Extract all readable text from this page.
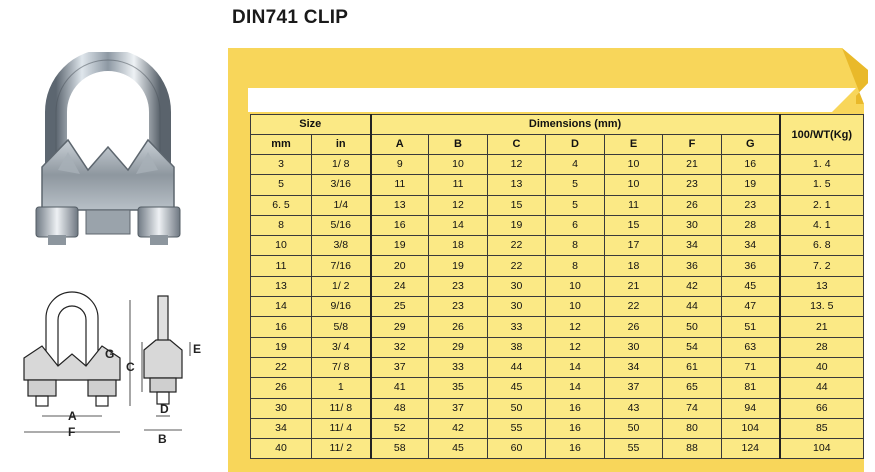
DIN741 CLIP
A
F
G
C
E
D
B
Size		Dimensions (mm)							100/WT(Kg)
mm	in	A	B	C	D	E	F	G	
3	1/ 8	9	10	12	4	10	21	16	1. 4
5	3/16	11	11	13	5	10	23	19	1. 5
6. 5	1/4	13	12	15	5	11	26	23	2. 1
8	5/16	16	14	19	6	15	30	28	4. 1
10	3/8	19	18	22	8	17	34	34	6. 8
11	7/16	20	19	22	8	18	36	36	7. 2
13	1/ 2	24	23	30	10	21	42	45	13
14	9/16	25	23	30	10	22	44	47	13. 5
16	5/8	29	26	33	12	26	50	51	21
19	3/ 4	32	29	38	12	30	54	63	28
22	7/ 8	37	33	44	14	34	61	71	40
26	1	41	35	45	14	37	65	81	44
30	11/ 8	48	37	50	16	43	74	94	66
34	11/ 4	52	42	55	16	50	80	104	85
40	11/ 2	58	45	60	16	55	88	124	104
